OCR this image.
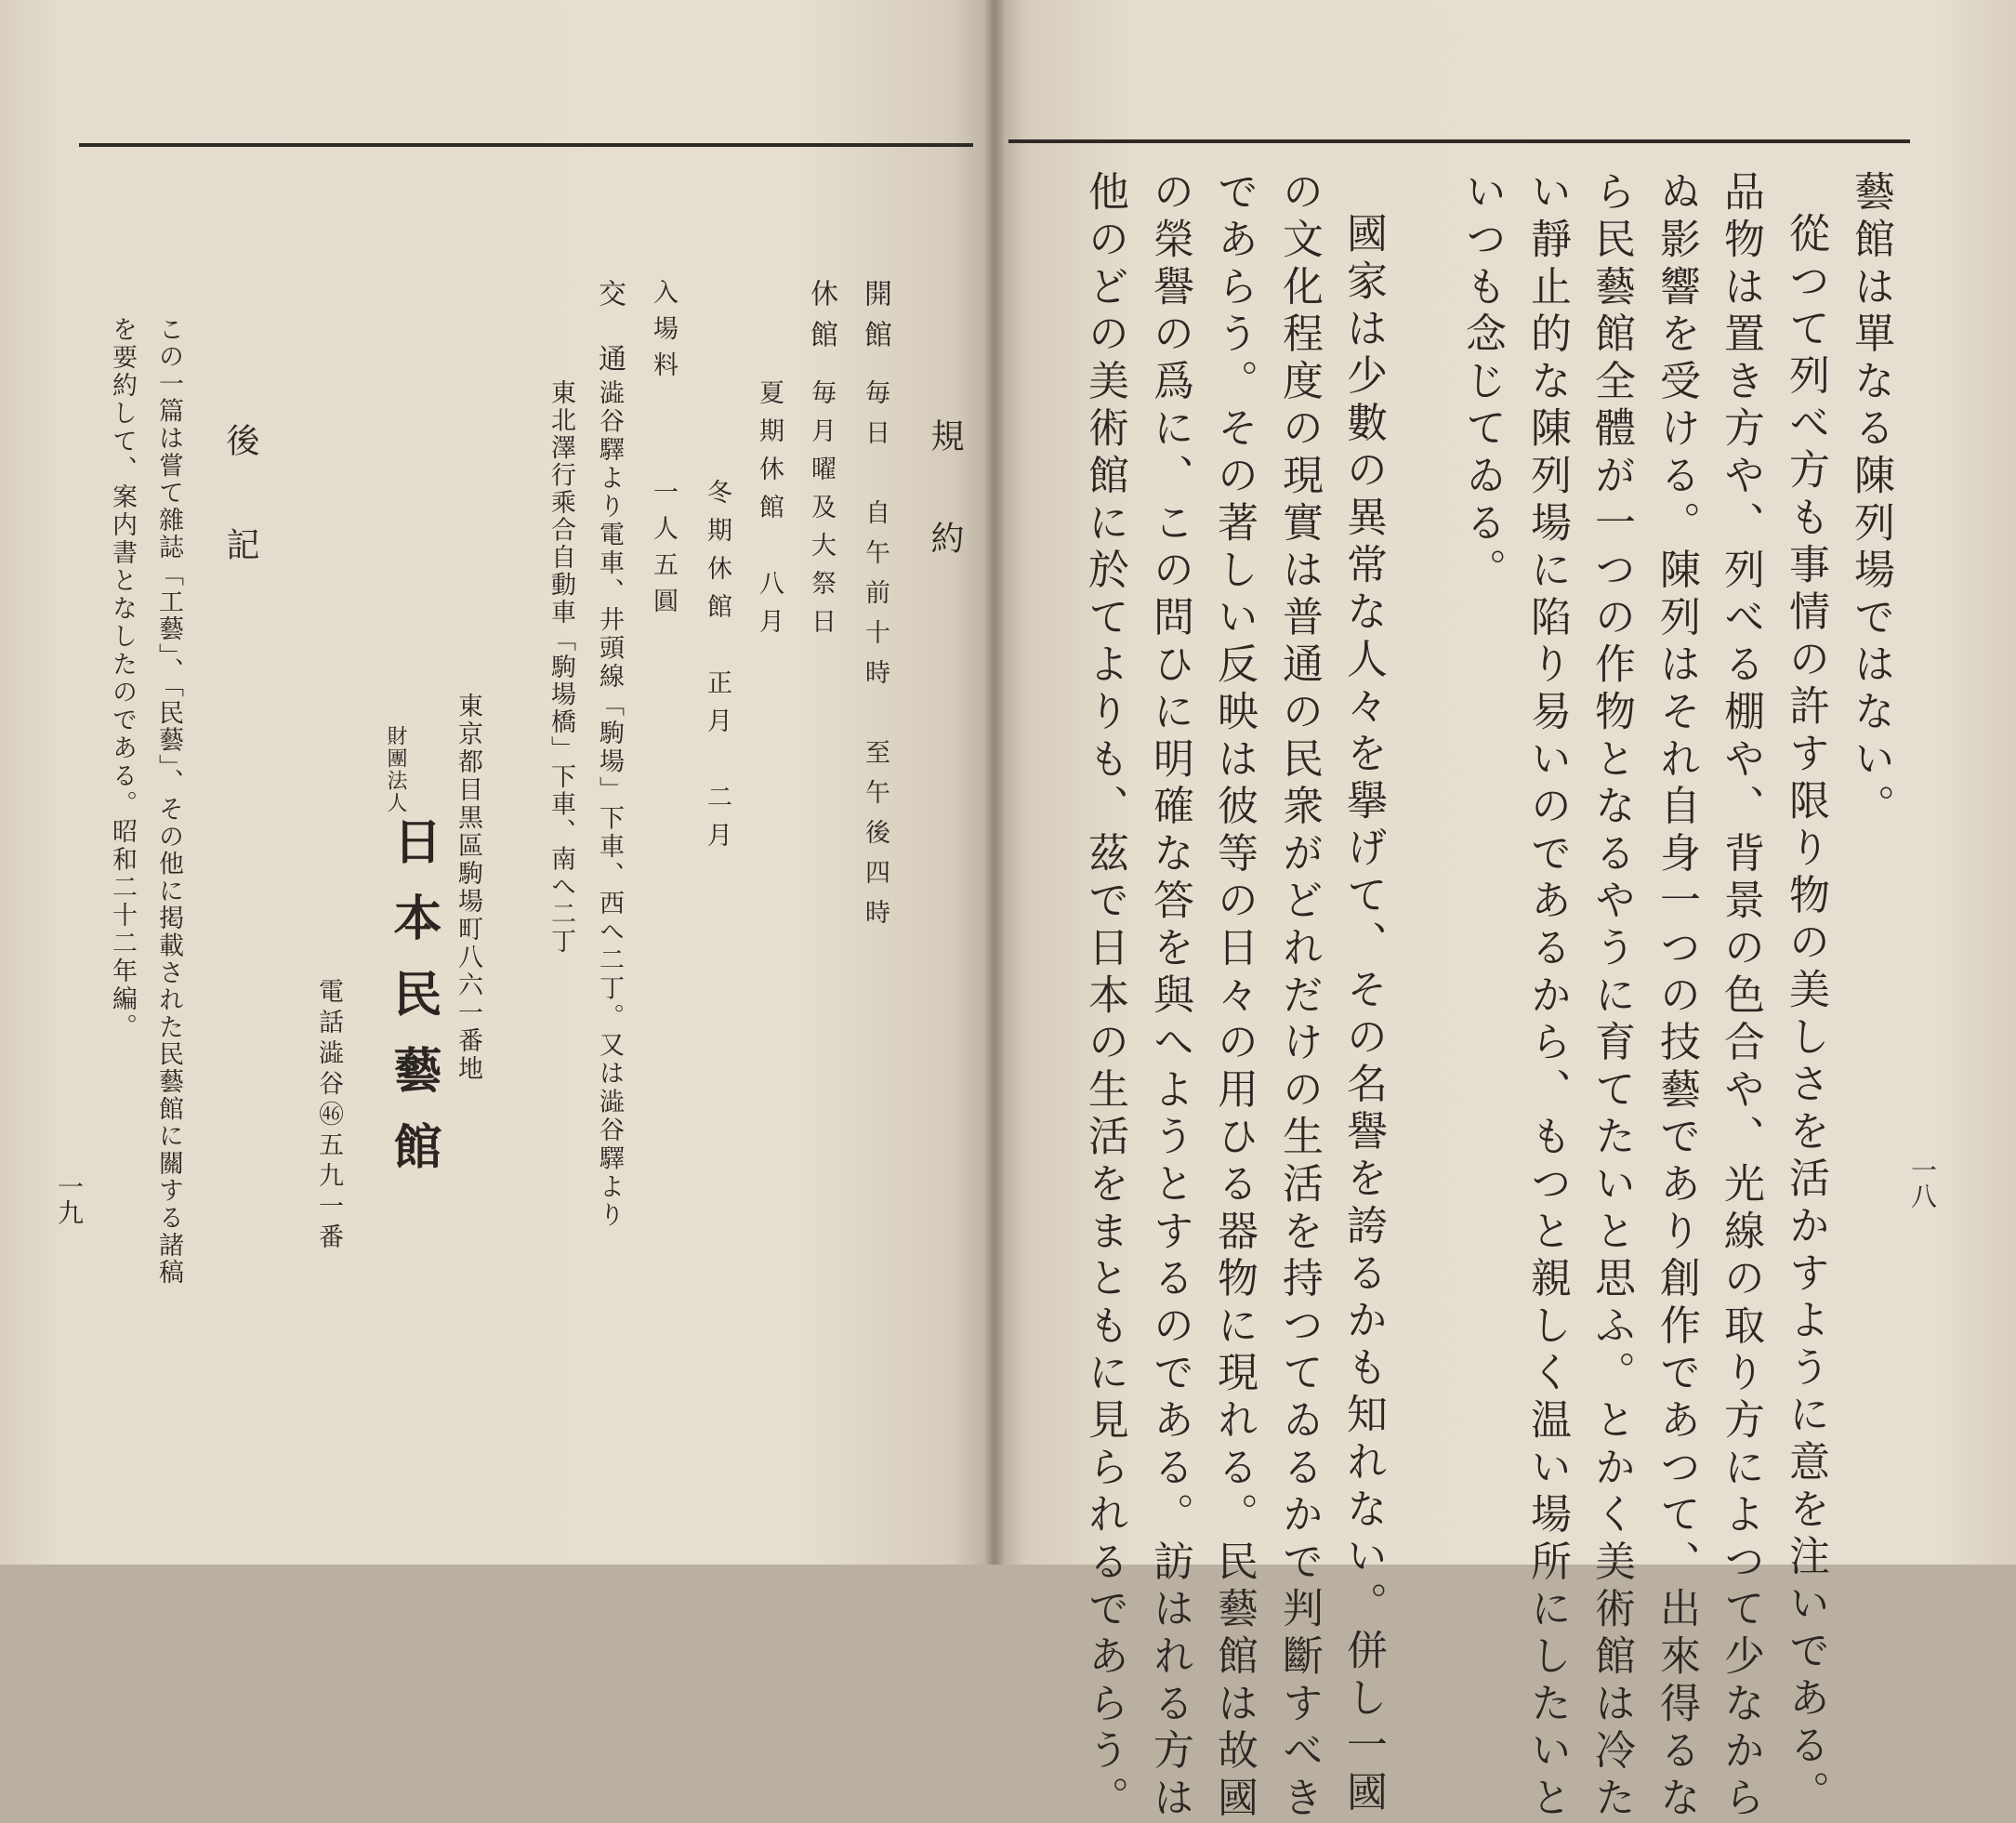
藝館は單なる陳列場ではない。
從つて列べ方も事情の許す限り物の美しさを活かすように意を注いである。
品物は置き方や、列べる棚や、背景の色合や、光線の取り方によつて少なから
ぬ影響を受ける。陳列はそれ自身一つの技藝であり創作であつて、出來得るな
ら民藝館全體が一つの作物となるやうに育てたいと思ふ。とかく美術館は冷た
い靜止的な陳列場に陷り易いのであるから、もつと親しく温い場所にしたいと
いつも念じてゐる。
國家は少數の異常な人々を擧げて、その名譽を誇るかも知れない。併し一國
の文化程度の現實は普通の民衆がどれだけの生活を持つてゐるかで判斷すべき
であらう。その著しい反映は彼等の日々の用ひる器物に現れる。民藝館は故國
の榮譽の爲に、この問ひに明確な答を與へようとするのである。訪はれる方は
他のどの美術館に於てよりも、茲で日本の生活をまともに見られるであらう。	一八
規約
開館
毎日　自午前十時　至午後四時
休館
毎月曜及大祭日
夏期休館　八月
冬期休館　正月　二月
入場料
一人五圓
交通
澁谷驛より電車、井頭線「駒場」下車、西へ二丁。又は澁谷驛より
東北澤行乘合自動車「駒場橋」下車、南へ二丁
東京都目黒區駒場町八六一番地
財團法人
日本民藝館
電話澁谷㊻五九一番
後記
この一篇は嘗て雜誌「工藝」、「民藝」、その他に掲載された民藝館に關する諸稿
を要約して、案内書となしたのである。昭和二十二年編。
一九
